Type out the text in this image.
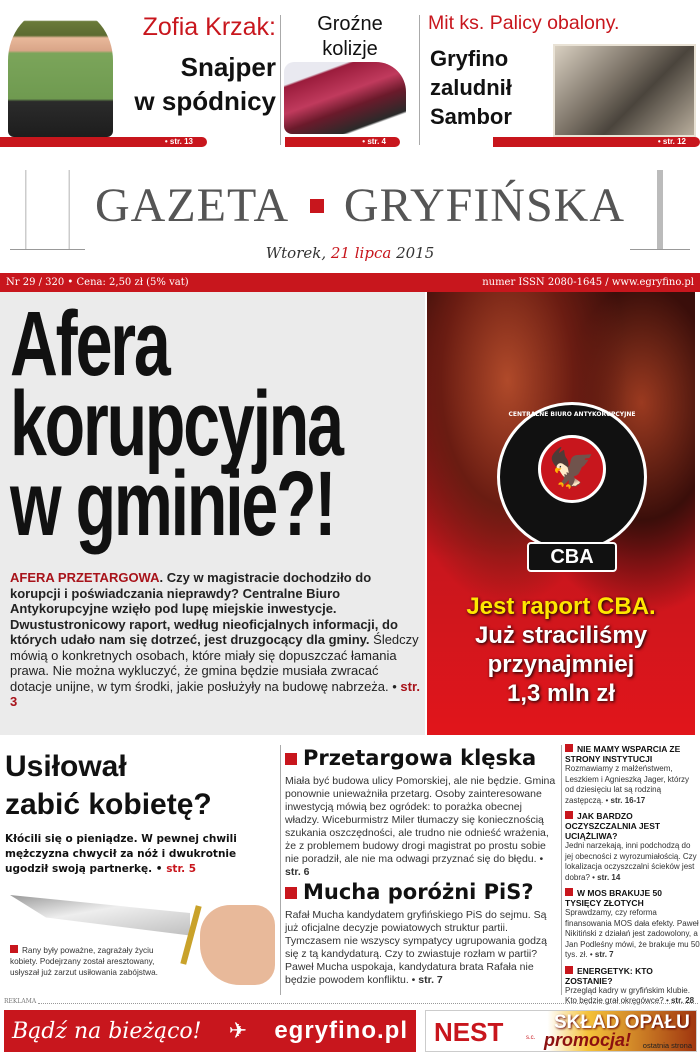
Zofia Krzak:
Snajper
w spódnicy
• str. 13
Groźne
kolizje
• str. 4
Mit ks. Palicy obalony.
Gryfino
zaludnił
Sambor
• str. 12
GAZETA GRYFIŃSKA
Wtorek, 21 lipca 2015
Nr 29 / 320 • Cena: 2,50 zł (5% vat)	numer ISSN 2080-1645 / www.egryfino.pl
Afera
korupcyjna
w gminie?!

AFERA PRZETARGOWA. Czy w magistracie dochodziło do korupcji i poświadczania nieprawdy? Centralne Biuro Antykorupcyjne wzięło pod lupę miejskie inwestycje. Dwustustronicowy raport, według nieoficjalnych informacji, do których udało nam się dotrzeć, jest druzgocący dla gminy. Śledczy mówią o konkretnych osobach, które miały się dopuszczać łamania prawa. Nie można wykluczyć, że gmina będzie musiała zwracać dotacje unijne, w tym środki, jakie posłużyły na budowę nabrzeża. • str. 3

🦅
CENTRALNE BIURO ANTYKORUPCYJNE
CBA
Jest raport CBA.
Już straciliśmy
przynajmniej
1,3 mln zł
Usiłował
zabić kobietę?

Kłócili się o pieniądze. W pewnej chwili mężczyzna chwycił za nóż i dwukrotnie ugodził swoją partnerkę. • str. 5

Rany były poważne, zagrażały życiu kobiety. Podejrzany został aresztowany, usłyszał już zarzut usiłowania zabójstwa.

Przetargowa klęska

Miała być budowa ulicy Pomorskiej, ale nie będzie. Gmina ponownie unieważniła przetarg. Osoby zainteresowane inwestycją mówią bez ogródek: to porażka obecnej władzy. Wiceburmistrz Miler tłumaczy się koniecznością szukania oszczędności, ale trudno nie odnieść wrażenia, że z problemem budowy drogi magistrat po prostu sobie nie poradził, ale nie ma odwagi przyznać się do błędu. • str. 6

Mucha poróżni PiS?

Rafał Mucha kandydatem gryfińskiego PiS do sejmu. Są już oficjalne decyzje powiatowych struktur partii. Tymczasem nie wszyscy sympatycy ugrupowania godzą się z tą kandydaturą. Czy to zwiastuje rozłam w partii? Paweł Mucha uspokaja, kandydatura brata Rafała nie będzie powodem konfliktu. • str. 7

NIE MAMY WSPARCIA ZE STRONY INSTYTUCJI

Rozmawiamy z małżeństwem, Leszkiem i Agnieszką Jager, którzy od dziesięciu lat są rodziną zastępczą. • str. 16-17

JAK BARDZO OCZYSZCZALNIA JEST UCIĄŻLIWA?

Jedni narzekają, inni podchodzą do jej obecności z wyrozumiałością. Czy lokalizacja oczyszczalni ścieków jest dobra? • str. 14

W MOS BRAKUJE 50 TYSIĘCY ZŁOTYCH

Sprawdzamy, czy reforma finansowania MOS dała efekty. Paweł Nikitiński z działań jest zadowolony, a Jan Podleśny mówi, że brakuje mu 50 tys. zł. • str. 7

ENERGETYK: KTO ZOSTANIE?

Przegląd kadry w gryfińskim klubie. Kto będzie grał okręgówce? • str. 28

REKLAMA
Bądź na bieżąco! ✈ egryfino.pl NEST	s.c.
SKŁAD OPAŁU
promocja! ostatnia strona
